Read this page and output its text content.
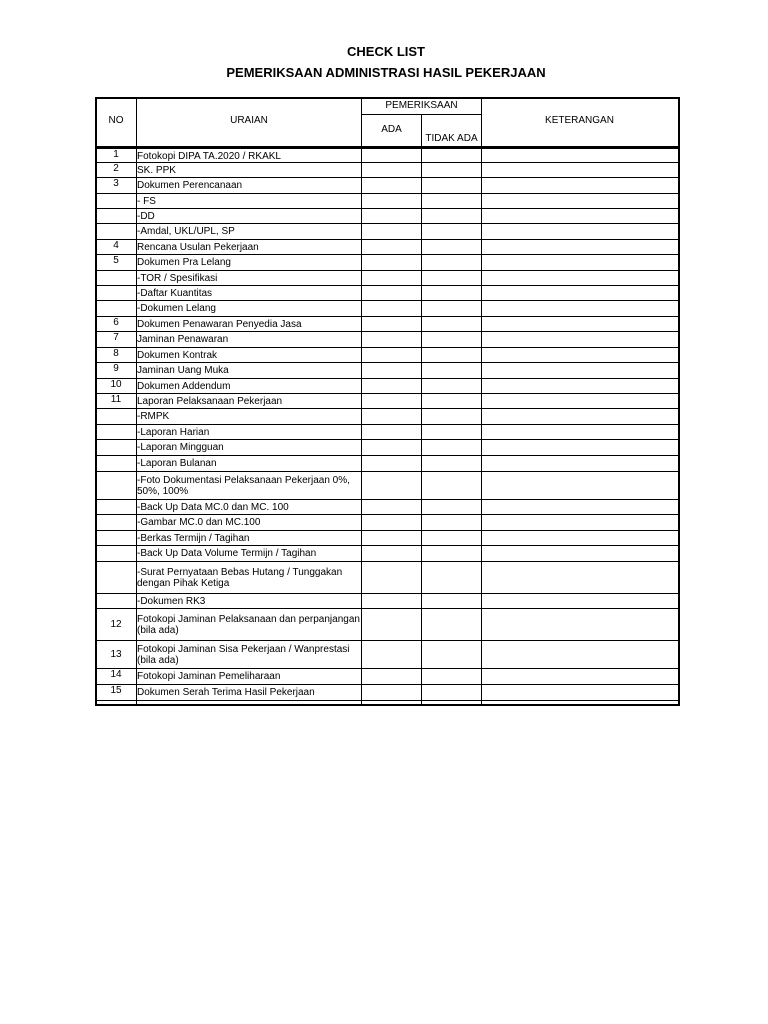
CHECK LIST
PEMERIKSAAN ADMINISTRASI HASIL PEKERJAAN
NO	URAIAN
PEMERIKSAAN
ADA
TIDAK ADA
KETERANGAN
1	Fotokopi DIPA TA.2020 / RKAKL
2	SK. PPK
3	Dokumen Perencanaan
- FS
-DD
-Amdal, UKL/UPL, SP
4	Rencana Usulan Pekerjaan
5	Dokumen Pra Lelang
-TOR / Spesifikasi
-Daftar Kuantitas
-Dokumen Lelang
6	Dokumen Penawaran Penyedia Jasa
7	Jaminan Penawaran
8	Dokumen Kontrak
9	Jaminan Uang Muka
10	Dokumen Addendum
11	Laporan Pelaksanaan Pekerjaan
-RMPK
-Laporan Harian
-Laporan Mingguan
-Laporan Bulanan
-Foto Dokumentasi Pelaksanaan Pekerjaan 0%, 50%, 100%
-Back Up Data MC.0 dan MC. 100
-Gambar MC.0 dan MC.100
-Berkas Termijn / Tagihan
-Back Up Data Volume Termijn / Tagihan
-Surat Pernyataan Bebas Hutang / Tunggakan dengan Pihak Ketiga
-Dokumen RK3
12	Fotokopi Jaminan Pelaksanaan dan perpanjangan (bila ada)
13	Fotokopi Jaminan Sisa Pekerjaan / Wanprestasi (bila ada)
14	Fotokopi Jaminan Pemeliharaan
15	Dokumen Serah Terima Hasil Pekerjaan
